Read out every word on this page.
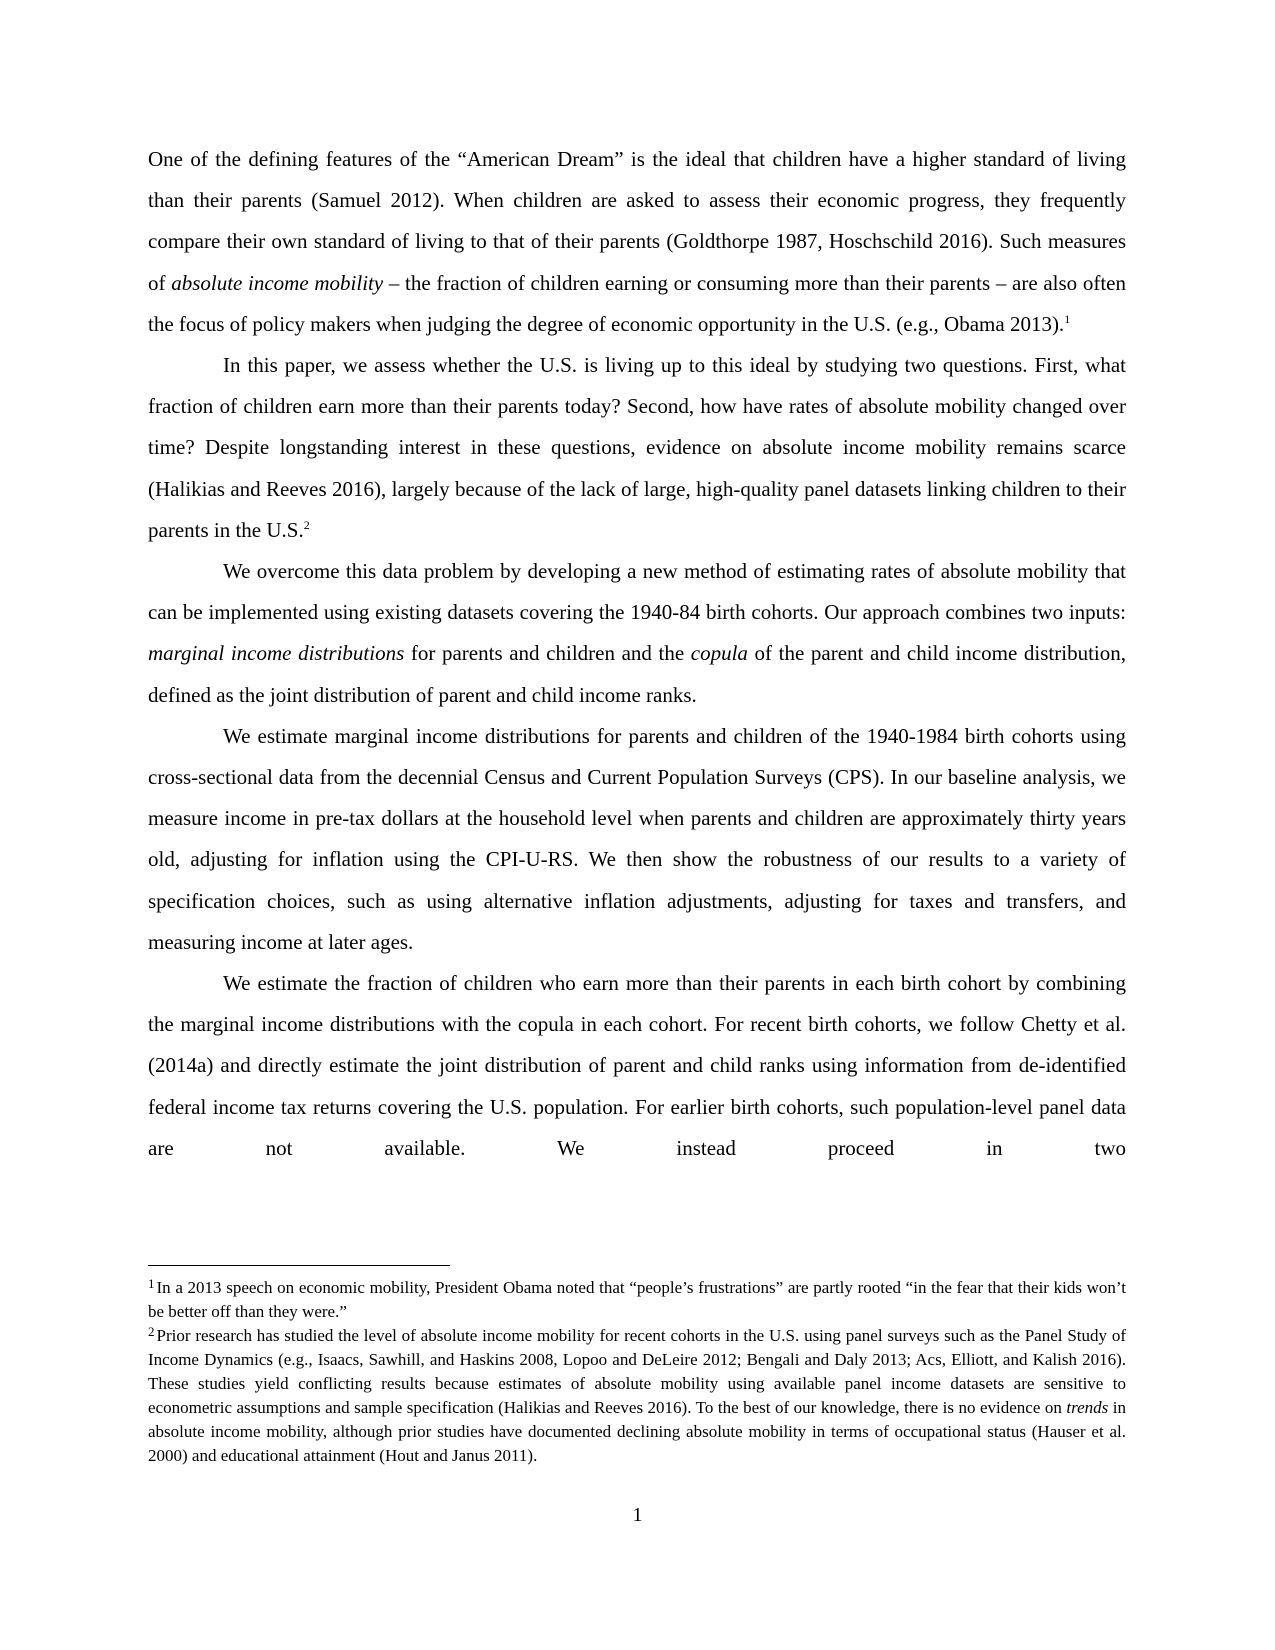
One of the defining features of the “American Dream” is the ideal that children have a higher standard of living than their parents (Samuel 2012). When children are asked to assess their economic progress, they frequently compare their own standard of living to that of their parents (Goldthorpe 1987, Hoschschild 2016). Such measures of absolute income mobility – the fraction of children earning or consuming more than their parents – are also often the focus of policy makers when judging the degree of economic opportunity in the U.S. (e.g., Obama 2013).$^1$

In this paper, we assess whether the U.S. is living up to this ideal by studying two questions. First, what fraction of children earn more than their parents today? Second, how have rates of absolute mobility changed over time? Despite longstanding interest in these questions, evidence on absolute income mobility remains scarce (Halikias and Reeves 2016), largely because of the lack of large, high-quality panel datasets linking children to their parents in the U.S.$^2$

We overcome this data problem by developing a new method of estimating rates of absolute mobility that can be implemented using existing datasets covering the 1940-84 birth cohorts. Our approach combines two inputs: marginal income distributions for parents and children and the copula of the parent and child income distribution, defined as the joint distribution of parent and child income ranks.

We estimate marginal income distributions for parents and children of the 1940-1984 birth cohorts using cross-sectional data from the decennial Census and Current Population Surveys (CPS). In our baseline analysis, we measure income in pre-tax dollars at the household level when parents and children are approximately thirty years old, adjusting for inflation using the CPI-U-RS. We then show the robustness of our results to a variety of specification choices, such as using alternative inflation adjustments, adjusting for taxes and transfers, and measuring income at later ages.

We estimate the fraction of children who earn more than their parents in each birth cohort by combining the marginal income distributions with the copula in each cohort. For recent birth cohorts, we follow Chetty et al. (2014a) and directly estimate the joint distribution of parent and child ranks using information from de-identified federal income tax returns covering the U.S. population. For earlier birth cohorts, such population-level panel data are not available. We instead proceed in two

$^1$ In a 2013 speech on economic mobility, President Obama noted that “people’s frustrations” are partly rooted “in the fear that their kids won’t be better off than they were.”

$^2$ Prior research has studied the level of absolute income mobility for recent cohorts in the U.S. using panel surveys such as the Panel Study of Income Dynamics (e.g., Isaacs, Sawhill, and Haskins 2008, Lopoo and DeLeire 2012; Bengali and Daly 2013; Acs, Elliott, and Kalish 2016). These studies yield conflicting results because estimates of absolute mobility using available panel income datasets are sensitive to econometric assumptions and sample specification (Halikias and Reeves 2016). To the best of our knowledge, there is no evidence on trends in absolute income mobility, although prior studies have documented declining absolute mobility in terms of occupational status (Hauser et al. 2000) and educational attainment (Hout and Janus 2011).

1
